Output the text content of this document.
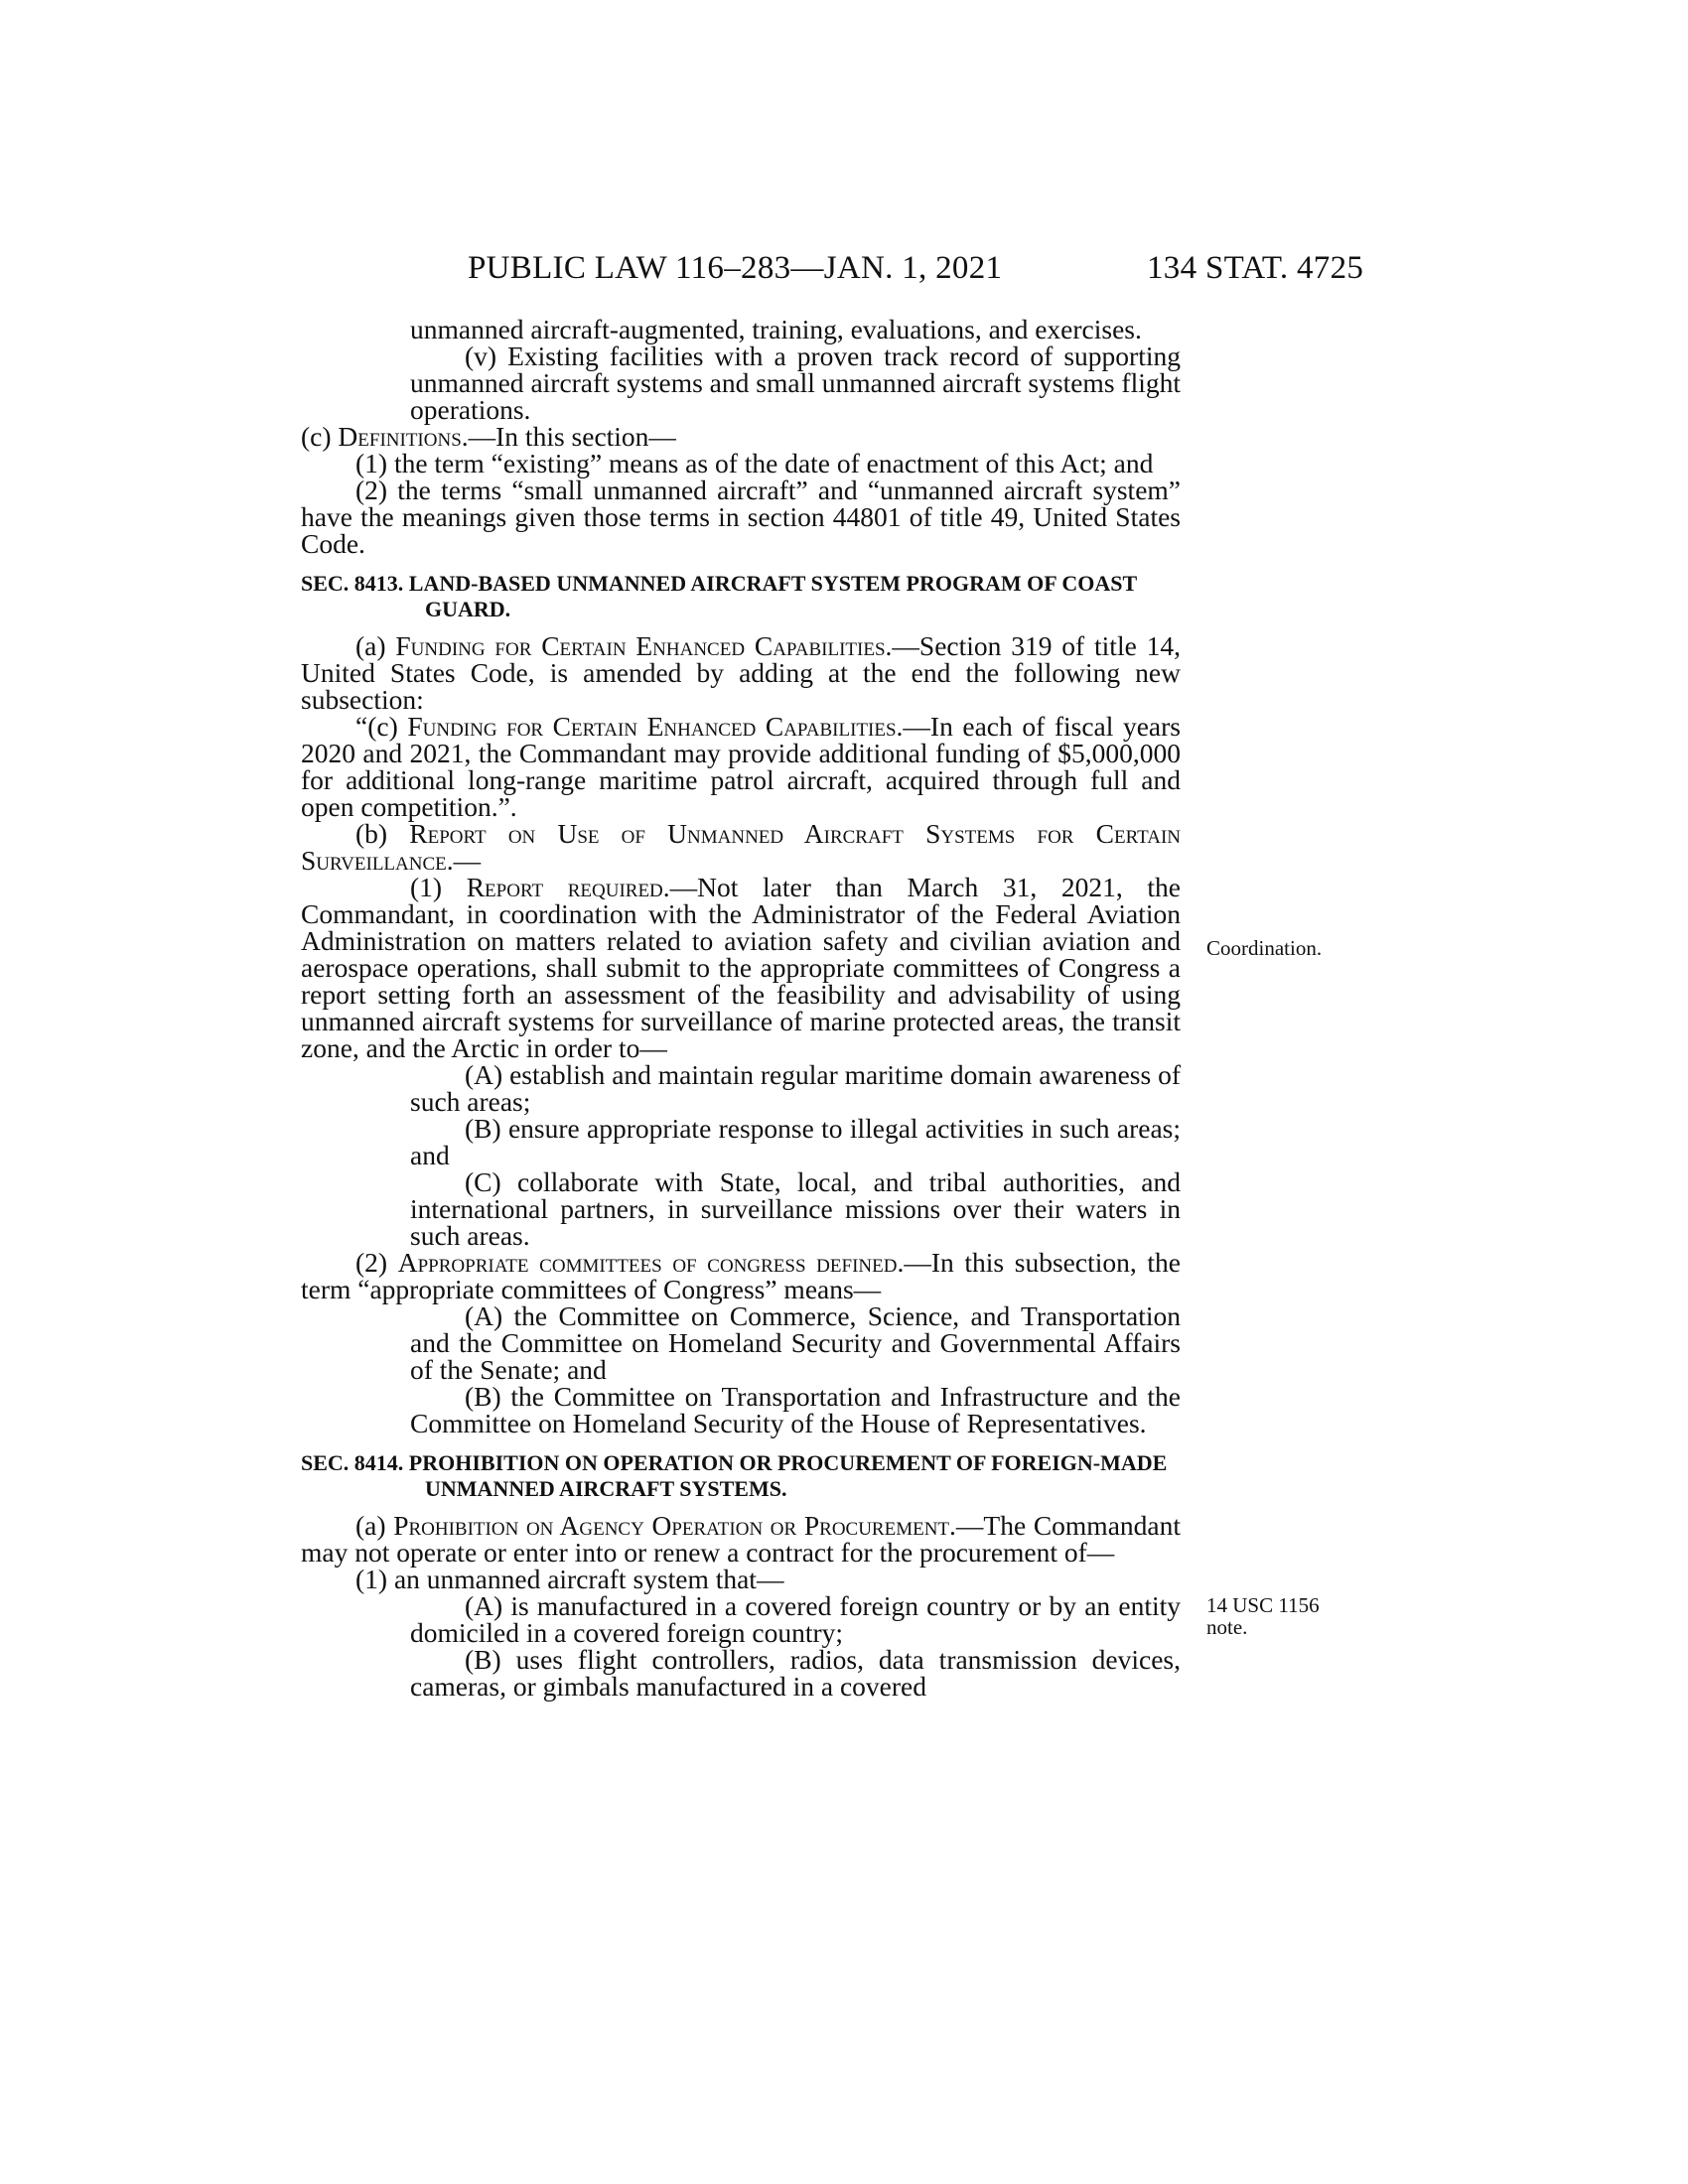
PUBLIC LAW 116–283—JAN. 1, 2021	134 STAT. 4725
Coordination.
14 USC 1156
note.

unmanned aircraft-augmented, training, evaluations, and exercises.

(v) Existing facilities with a proven track record of supporting unmanned aircraft systems and small unmanned aircraft systems flight operations.

(c) Definitions.—In this section—

(1) the term “existing” means as of the date of enactment of this Act; and

(2) the terms “small unmanned aircraft” and “unmanned aircraft system” have the meanings given those terms in section 44801 of title 49, United States Code.

SEC. 8413. LAND-BASED UNMANNED AIRCRAFT SYSTEM PROGRAM OF COAST GUARD.

(a) Funding for Certain Enhanced Capabilities.—Section 319 of title 14, United States Code, is amended by adding at the end the following new subsection:

“(c) Funding for Certain Enhanced Capabilities.—In each of fiscal years 2020 and 2021, the Commandant may provide additional funding of $5,000,000 for additional long-range maritime patrol aircraft, acquired through full and open competition.”.

(b) Report on Use of Unmanned Aircraft Systems for Certain Surveillance.—

(1) Report required.—Not later than March 31, 2021, the Commandant, in coordination with the Administrator of the Federal Aviation Administration on matters related to aviation safety and civilian aviation and aerospace operations, shall submit to the appropriate committees of Congress a report setting forth an assessment of the feasibility and advisability of using unmanned aircraft systems for surveillance of marine protected areas, the transit zone, and the Arctic in order to—

(A) establish and maintain regular maritime domain awareness of such areas;

(B) ensure appropriate response to illegal activities in such areas; and

(C) collaborate with State, local, and tribal authorities, and international partners, in surveillance missions over their waters in such areas.

(2) Appropriate committees of congress defined.—In this subsection, the term “appropriate committees of Congress” means—

(A) the Committee on Commerce, Science, and Transportation and the Committee on Homeland Security and Governmental Affairs of the Senate; and

(B) the Committee on Transportation and Infrastructure and the Committee on Homeland Security of the House of Representatives.

SEC. 8414. PROHIBITION ON OPERATION OR PROCUREMENT OF FOREIGN-MADE UNMANNED AIRCRAFT SYSTEMS.

(a) Prohibition on Agency Operation or Procurement.—The Commandant may not operate or enter into or renew a contract for the procurement of—

(1) an unmanned aircraft system that—

(A) is manufactured in a covered foreign country or by an entity domiciled in a covered foreign country;

(B) uses flight controllers, radios, data transmission devices, cameras, or gimbals manufactured in a covered
